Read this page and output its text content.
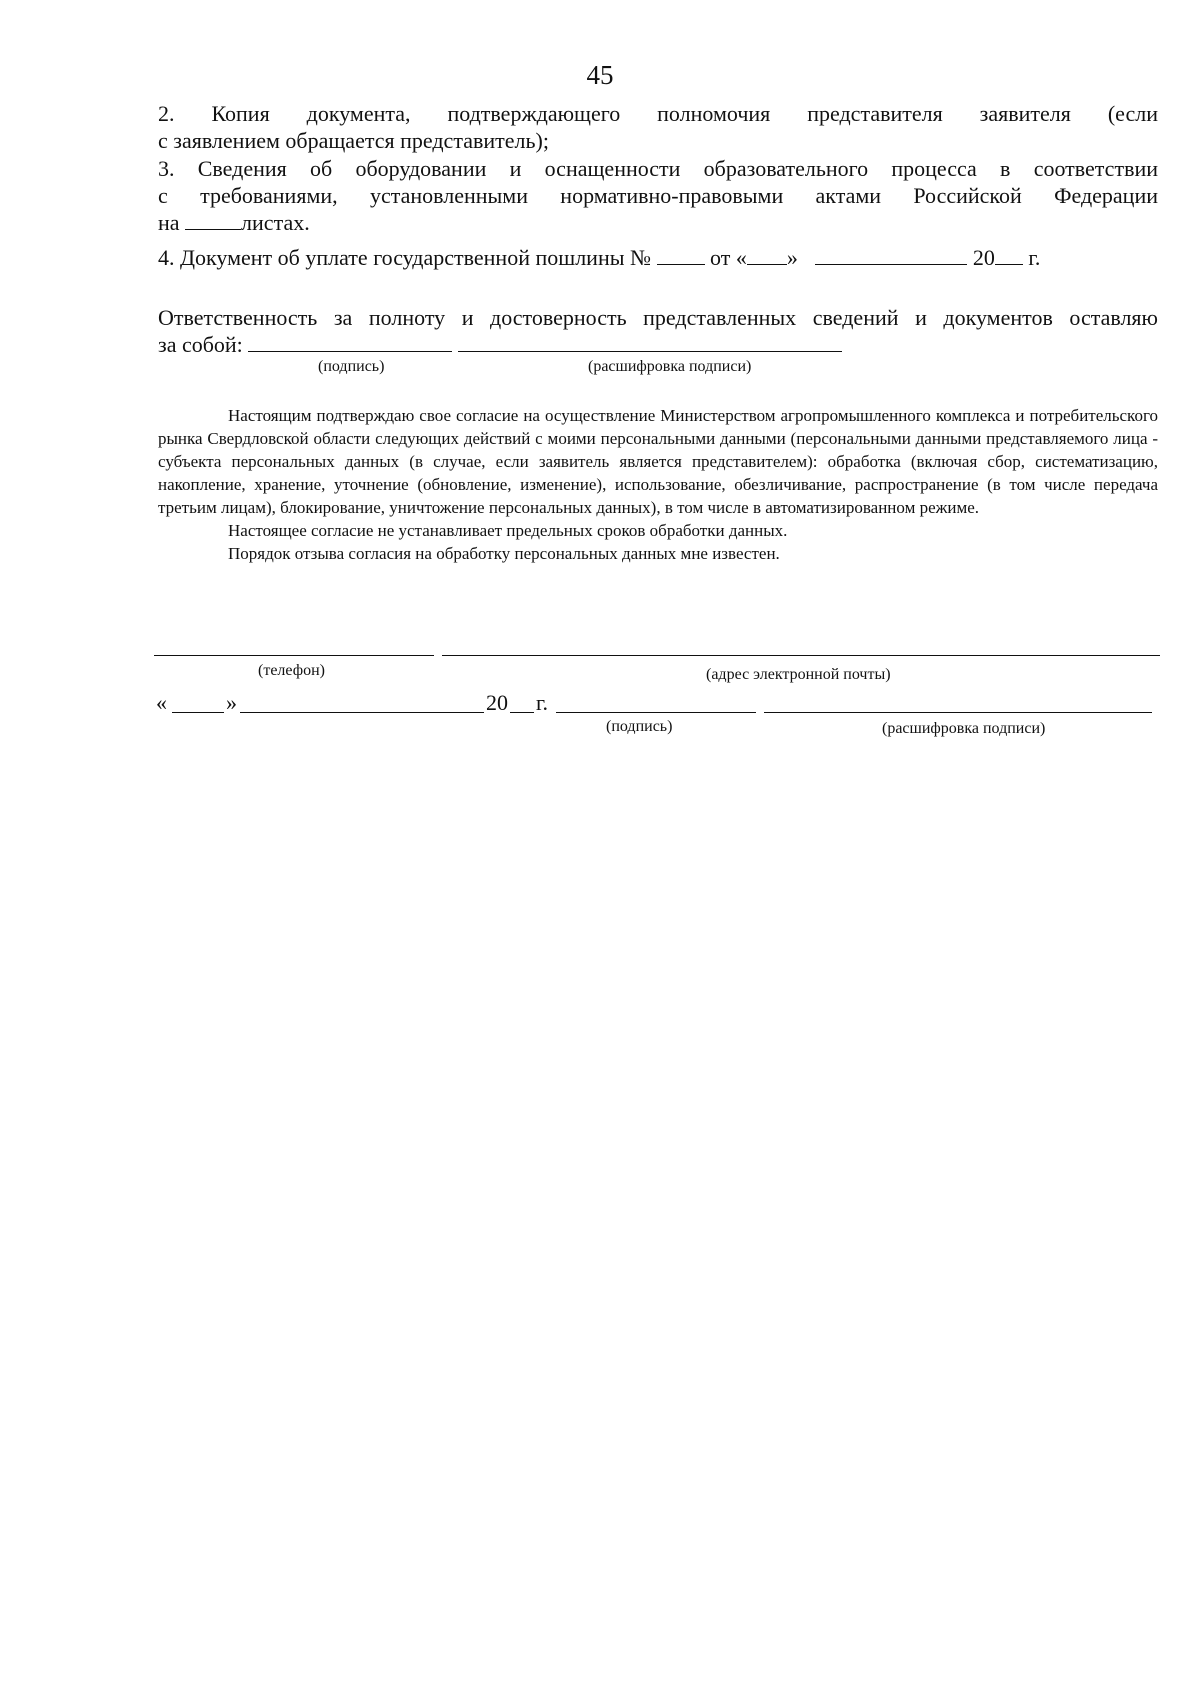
45
2. Копия документа, подтверждающего полномочия представителя заявителя (если
с заявлением обращается представитель);
3. Сведения об оборудовании и оснащенности образовательного процесса в соответствии
с требованиями, установленными нормативно-правовыми актами Российской Федерации
на	листах.
4. Документ об уплате государственной пошлины №  от « »	20 г.
Ответственность за полноту и достоверность представленных сведений и документов оставляю
за собой:
(подпись)	(расшифровка подписи)

Настоящим подтверждаю свое согласие на осуществление Министерством агропромышленного комплекса и потребительского рынка Свердловской области следующих действий с моими персональными данными (персональными данными представляемого лица - субъекта персональных данных (в случае, если заявитель является представителем): обработка (включая сбор, систематизацию, накопление, хранение, уточнение (обновление, изменение), использование, обезличивание, распространение (в том числе передача третьим лицам), блокирование, уничтожение персональных данных), в том числе в автоматизированном режиме.

Настоящее согласие не устанавливает предельных сроков обработки данных.

Порядок отзыва согласия на обработку персональных данных мне известен.

(телефон)	(адрес электронной почты)
«	»	20 г.
(подпись)	(расшифровка подписи)
